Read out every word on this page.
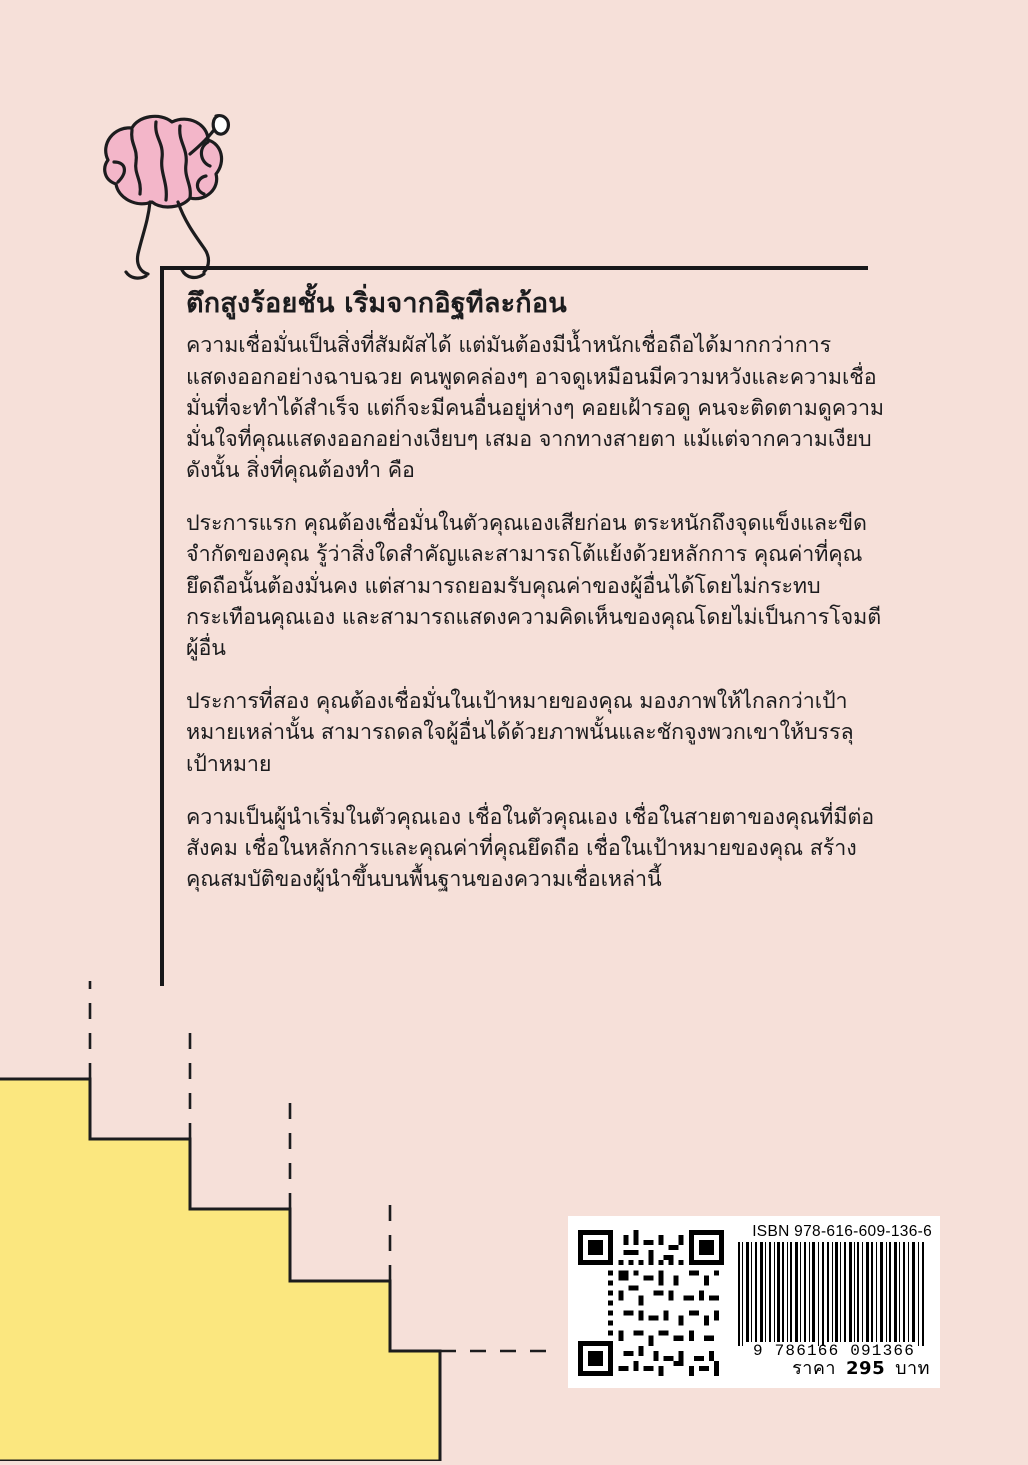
ตึกสูงร้อยชั้น เริ่มจากอิฐทีละก้อน

ความเชื่อมั่นเป็นสิ่งที่สัมผัสได้ แต่มันต้องมีน้ำหนักเชื่อถือได้มากกว่าการแสดงออกอย่างฉาบฉวย คนพูดคล่องๆ อาจดูเหมือนมีความหวังและความเชื่อมั่นที่จะทำได้สำเร็จ แต่ก็จะมีคนอื่นอยู่ห่างๆ คอยเฝ้ารอดู คนจะติดตามดูความมั่นใจที่คุณแสดงออกอย่างเงียบๆ เสมอ จากทางสายตา แม้แต่จากความเงียบ ดังนั้น สิ่งที่คุณต้องทำ คือ

ประการแรก คุณต้องเชื่อมั่นในตัวคุณเองเสียก่อน ตระหนักถึงจุดแข็งและขีดจำกัดของคุณ รู้ว่าสิ่งใดสำคัญและสามารถโต้แย้งด้วยหลักการ คุณค่าที่คุณยึดถือนั้นต้องมั่นคง แต่สามารถยอมรับคุณค่าของผู้อื่นได้โดยไม่กระทบกระเทือนคุณเอง และสามารถแสดงความคิดเห็นของคุณโดยไม่เป็นการโจมตีผู้อื่น

ประการที่สอง คุณต้องเชื่อมั่นในเป้าหมายของคุณ มองภาพให้ไกลกว่าเป้าหมายเหล่านั้น สามารถดลใจผู้อื่นได้ด้วยภาพนั้นและชักจูงพวกเขาให้บรรลุเป้าหมาย

ความเป็นผู้นำเริ่มในตัวคุณเอง เชื่อในตัวคุณเอง เชื่อในสายตาของคุณที่มีต่อสังคม เชื่อในหลักการและคุณค่าที่คุณยึดถือ เชื่อในเป้าหมายของคุณ สร้างคุณสมบัติของผู้นำขึ้นบนพื้นฐานของความเชื่อเหล่านี้

ISBN 978-616-609-136-6
9 786166 091366
ราคา 295 บาท
